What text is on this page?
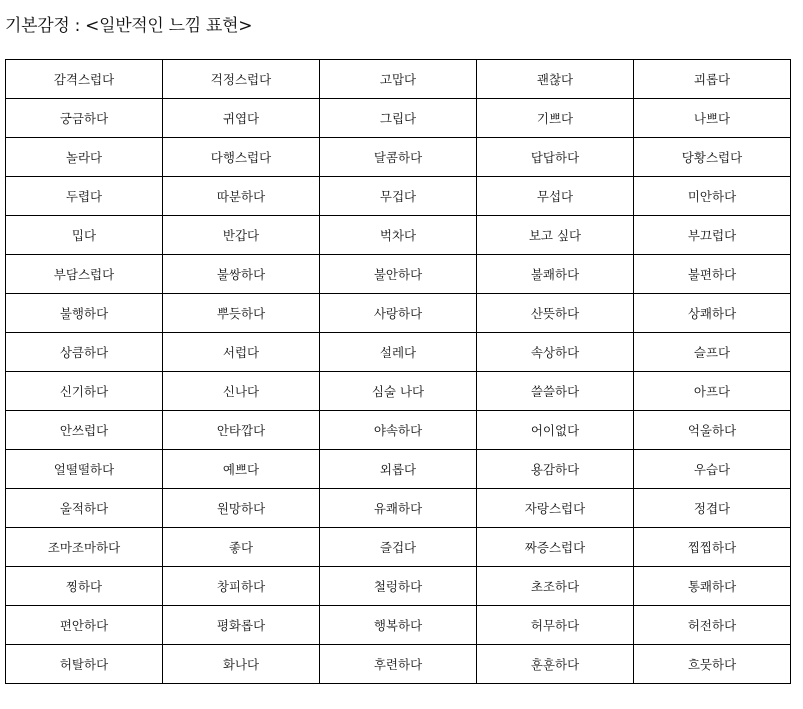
기본감정 : <일반적인 느낌 표현>
감격스럽다	걱정스럽다	고맙다	괜찮다	괴롭다
궁금하다	귀엽다	그립다	기쁘다	나쁘다
놀라다	다행스럽다	달콤하다	답답하다	당황스럽다
두렵다	따분하다	무겁다	무섭다	미안하다
밉다	반갑다	벅차다	보고 싶다	부끄럽다
부담스럽다	불쌍하다	불안하다	불쾌하다	불편하다
불행하다	뿌듯하다	사랑하다	산뜻하다	상쾌하다
상큼하다	서럽다	설레다	속상하다	슬프다
신기하다	신나다	심술 나다	쓸쓸하다	아프다
안쓰럽다	안타깝다	야속하다	어이없다	억울하다
얼떨떨하다	예쁘다	외롭다	용감하다	우습다
울적하다	원망하다	유쾌하다	자랑스럽다	정겹다
조마조마하다	좋다	즐겁다	짜증스럽다	찝찝하다
찡하다	창피하다	철렁하다	초조하다	통쾌하다
편안하다	평화롭다	행복하다	허무하다	허전하다
허탈하다	화나다	후련하다	훈훈하다	흐뭇하다
